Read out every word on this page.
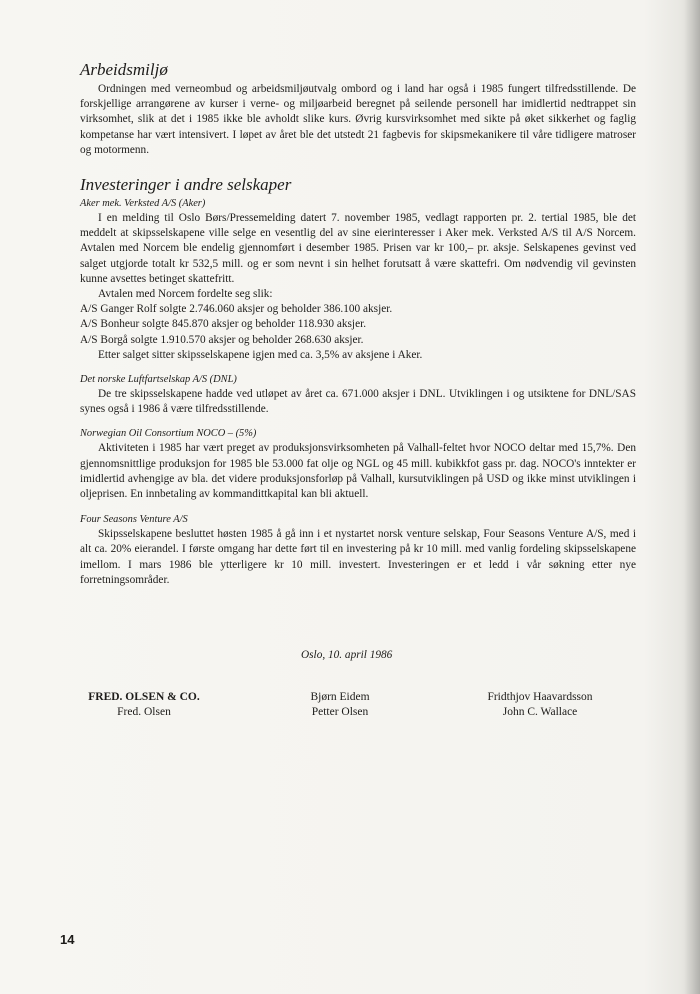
Arbeidsmiljø

Ordningen med verneombud og arbeidsmiljøutvalg ombord og i land har også i 1985 fungert tilfredsstillende. De forskjellige arrangørene av kurser i verne- og miljøarbeid beregnet på seilende personell har imidlertid nedtrappet sin virksomhet, slik at det i 1985 ikke ble avholdt slike kurs. Øvrig kursvirksomhet med sikte på øket sikkerhet og faglig kompetanse har vært intensivert. I løpet av året ble det utstedt 21 fagbevis for skipsmekanikere til våre tidligere matroser og motormenn.

Investeringer i andre selskaper
Aker mek. Verksted A/S (Aker)

I en melding til Oslo Børs/Pressemelding datert 7. november 1985, vedlagt rapporten pr. 2. tertial 1985, ble det meddelt at skipsselskapene ville selge en vesentlig del av sine eierinteresser i Aker mek. Verksted A/S til A/S Norcem. Avtalen med Norcem ble endelig gjennomført i desember 1985. Prisen var kr 100,– pr. aksje. Selskapenes gevinst ved salget utgjorde totalt kr 532,5 mill. og er som nevnt i sin helhet forutsatt å være skattefri. Om nødvendig vil gevinsten kunne avsettes betinget skattefritt.

Avtalen med Norcem fordelte seg slik:

A/S Ganger Rolf solgte 2.746.060 aksjer og beholder 386.100 aksjer.

A/S Bonheur solgte 845.870 aksjer og beholder 118.930 aksjer.

A/S Borgå solgte 1.910.570 aksjer og beholder 268.630 aksjer.

Etter salget sitter skipsselskapene igjen med ca. 3,5% av aksjene i Aker.

Det norske Luftfartselskap A/S (DNL)

De tre skipsselskapene hadde ved utløpet av året ca. 671.000 aksjer i DNL. Utviklingen i og utsiktene for DNL/SAS synes også i 1986 å være tilfredsstillende.

Norwegian Oil Consortium NOCO – (5%)

Aktiviteten i 1985 har vært preget av produksjonsvirksomheten på Valhall-feltet hvor NOCO deltar med 15,7%. Den gjennomsnittlige produksjon for 1985 ble 53.000 fat olje og NGL og 45 mill. kubikkfot gass pr. dag. NOCO's inntekter er imidlertid avhengige av bla. det videre produksjonsforløp på Valhall, kursutviklingen på USD og ikke minst utviklingen i oljeprisen. En innbetaling av kommandittkapital kan bli aktuell.

Four Seasons Venture A/S

Skipsselskapene besluttet høsten 1985 å gå inn i et nystartet norsk venture selskap, Four Seasons Venture A/S, med i alt ca. 20% eierandel. I første omgang har dette ført til en investering på kr 10 mill. med vanlig fordeling skipsselskapene imellom. I mars 1986 ble ytterligere kr 10 mill. investert. Investeringen er et ledd i vår søkning etter nye forretningsområder.

Oslo, 10. april 1986
FRED. OLSEN & CO.
Fred. Olsen
Bjørn Eidem
Petter Olsen
Fridthjov Haavardsson
John C. Wallace
14
